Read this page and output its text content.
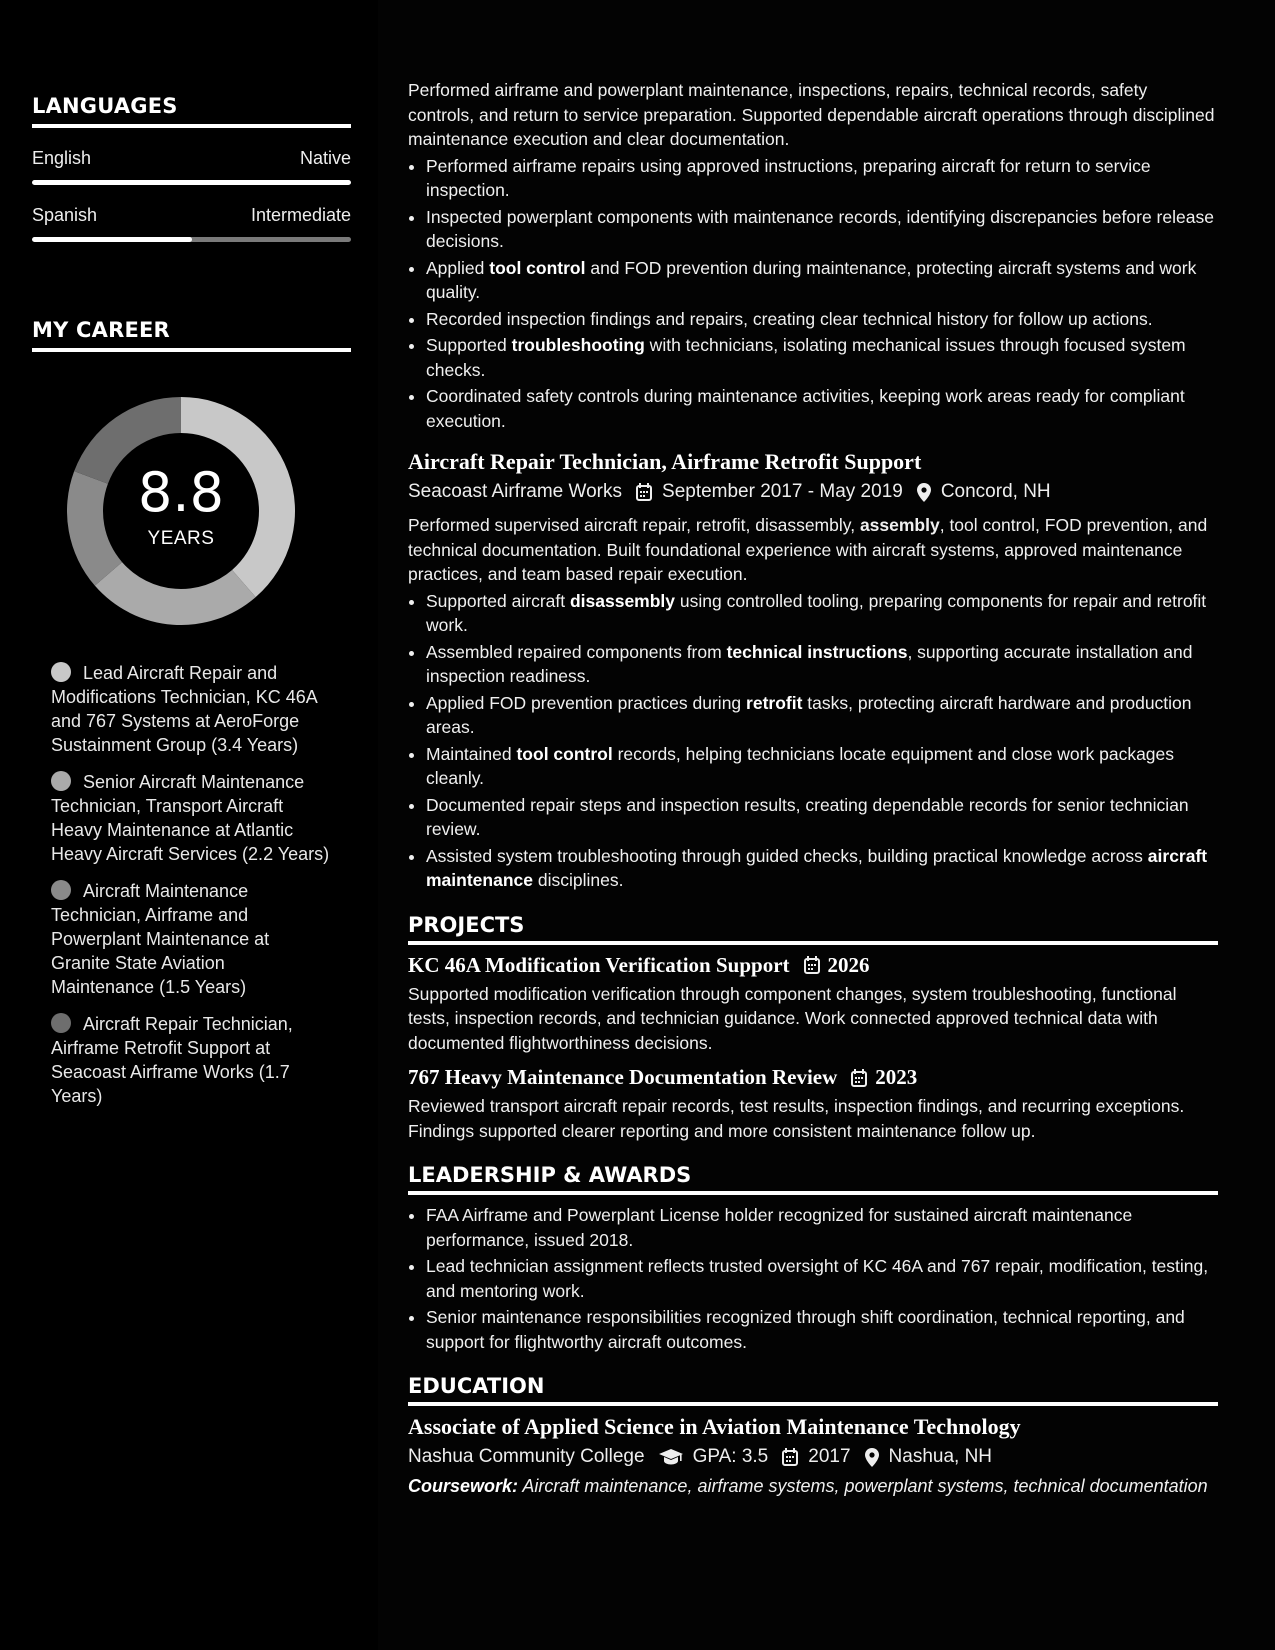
LANGUAGES
English	Native
Spanish	Intermediate
MY CAREER
8.8
YEARS
Lead Aircraft Repair and Modifications Technician, KC 46A and 767 Systems at AeroForge Sustainment Group (3.4 Years)
Senior Aircraft Maintenance Technician, Transport Aircraft Heavy Maintenance at Atlantic Heavy Aircraft Services (2.2 Years)
Aircraft Maintenance Technician, Airframe and Powerplant Maintenance at Granite State Aviation Maintenance (1.5 Years)
Aircraft Repair Technician, Airframe Retrofit Support at Seacoast Airframe Works (1.7 Years)

Performed airframe and powerplant maintenance, inspections, repairs, technical records, safety controls, and return to service preparation. Supported dependable aircraft operations through disciplined maintenance execution and clear documentation.

• Performed airframe repairs using approved instructions, preparing aircraft for return to service inspection.
• Inspected powerplant components with maintenance records, identifying discrepancies before release decisions.
• Applied tool control and FOD prevention during maintenance, protecting aircraft systems and work quality.
• Recorded inspection findings and repairs, creating clear technical history for follow up actions.
• Supported troubleshooting with technicians, isolating mechanical issues through focused system checks.
• Coordinated safety controls during maintenance activities, keeping work areas ready for compliant execution.
Aircraft Repair Technician, Airframe Retrofit Support
Seacoast Airframe Works September 2017 - May 2019 Concord, NH

Performed supervised aircraft repair, retrofit, disassembly, assembly, tool control, FOD prevention, and technical documentation. Built foundational experience with aircraft systems, approved maintenance practices, and team based repair execution.

• Supported aircraft disassembly using controlled tooling, preparing components for repair and retrofit work.
• Assembled repaired components from technical instructions, supporting accurate installation and inspection readiness.
• Applied FOD prevention practices during retrofit tasks, protecting aircraft hardware and production areas.
• Maintained tool control records, helping technicians locate equipment and close work packages cleanly.
• Documented repair steps and inspection results, creating dependable records for senior technician review.
• Assisted system troubleshooting through guided checks, building practical knowledge across aircraft maintenance disciplines.
PROJECTS
KC 46A Modification Verification Support 2026

Supported modification verification through component changes, system troubleshooting, functional tests, inspection records, and technician guidance. Work connected approved technical data with documented flightworthiness decisions.

767 Heavy Maintenance Documentation Review 2023

Reviewed transport aircraft repair records, test results, inspection findings, and recurring exceptions. Findings supported clearer reporting and more consistent maintenance follow up.

LEADERSHIP & AWARDS
• FAA Airframe and Powerplant License holder recognized for sustained aircraft maintenance performance, issued 2018.
• Lead technician assignment reflects trusted oversight of KC 46A and 767 repair, modification, testing, and mentoring work.
• Senior maintenance responsibilities recognized through shift coordination, technical reporting, and support for flightworthy aircraft outcomes.
EDUCATION
Associate of Applied Science in Aviation Maintenance Technology
Nashua Community College	GPA: 3.5 2017 Nashua, NH
Coursework: Aircraft maintenance, airframe systems, powerplant systems, technical documentation
